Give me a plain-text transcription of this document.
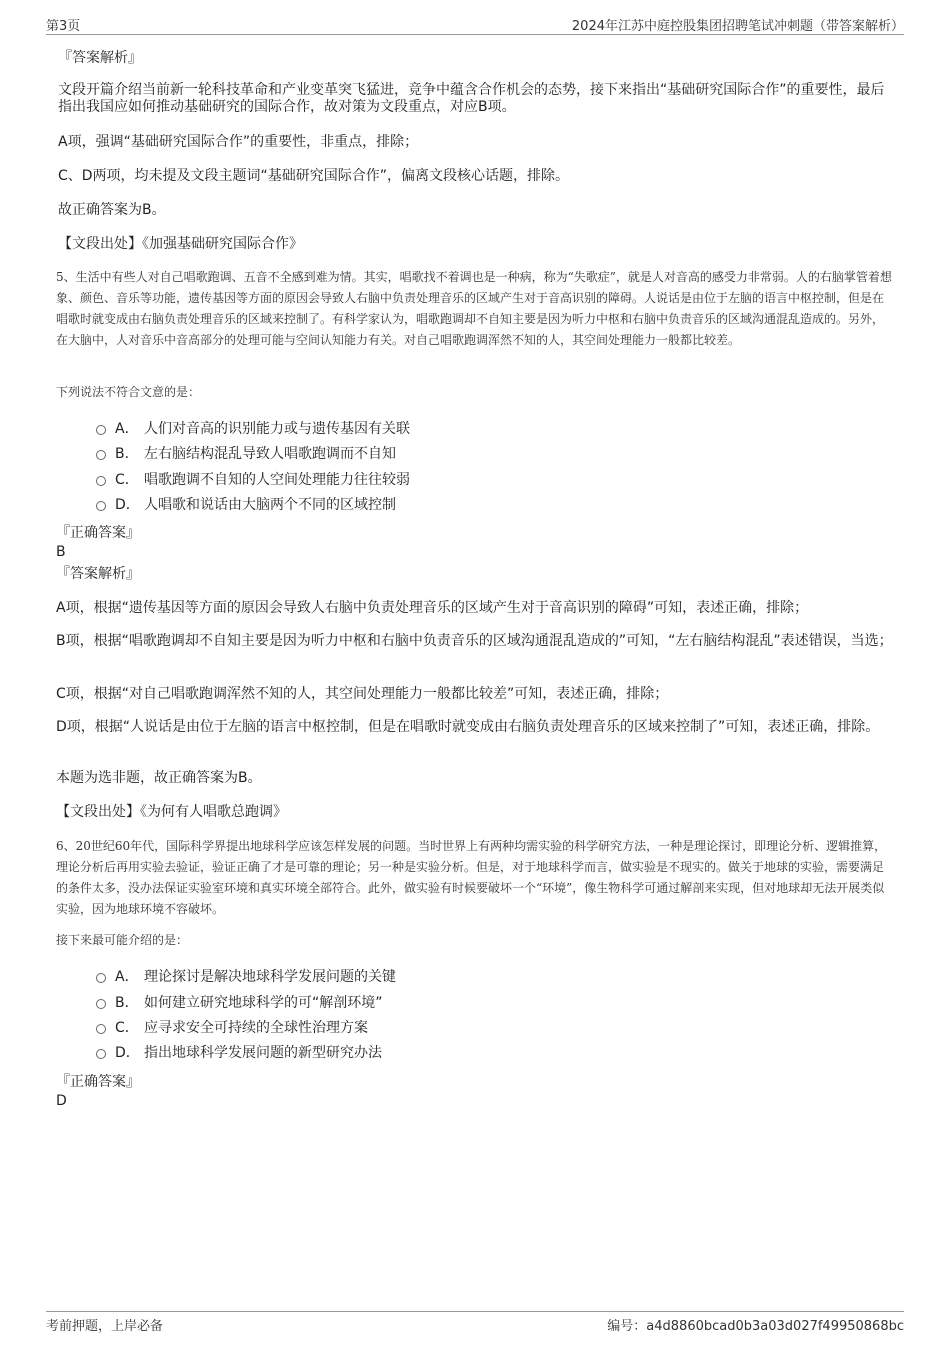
第3页	2024年江苏中庭控股集团招聘笔试冲刺题（带答案解析）
『答案解析』
文段开篇介绍当前新一轮科技革命和产业变革突飞猛进，竞争中蕴含合作机会的态势，接下来指出“基础研究国际合作”的重要性，最后指出我国应如何推动基础研究的国际合作，故对策为文段重点，对应B项。
A项，强调“基础研究国际合作”的重要性，非重点，排除；
C、D两项，均未提及文段主题词“基础研究国际合作”，偏离文段核心话题，排除。
故正确答案为B。
【文段出处】《加强基础研究国际合作》
5、生活中有些人对自己唱歌跑调、五音不全感到难为情。其实，唱歌找不着调也是一种病，称为“失歌症”，就是人对音高的感受力非常弱。人的右脑掌管着想象、颜色、音乐等功能，遗传基因等方面的原因会导致人右脑中负责处理音乐的区域产生对于音高识别的障碍。人说话是由位于左脑的语言中枢控制，但是在唱歌时就变成由右脑负责处理音乐的区域来控制了。有科学家认为，唱歌跑调却不自知主要是因为听力中枢和右脑中负责音乐的区域沟通混乱造成的。另外，在大脑中，人对音乐中音高部分的处理可能与空间认知能力有关。对自己唱歌跑调浑然不知的人，其空间处理能力一般都比较差。
下列说法不符合文意的是：
A． 人们对音高的识别能力或与遗传基因有关联
B． 左右脑结构混乱导致人唱歌跑调而不自知
C． 唱歌跑调不自知的人空间处理能力往往较弱
D． 人唱歌和说话由大脑两个不同的区域控制
『正确答案』
B
『答案解析』
A项，根据“遗传基因等方面的原因会导致人右脑中负责处理音乐的区域产生对于音高识别的障碍”可知，表述正确，排除；
B项，根据“唱歌跑调却不自知主要是因为听力中枢和右脑中负责音乐的区域沟通混乱造成的”可知，“左右脑结构混乱”表述错误，当选；
C项，根据“对自己唱歌跑调浑然不知的人，其空间处理能力一般都比较差”可知，表述正确，排除；
D项，根据“人说话是由位于左脑的语言中枢控制，但是在唱歌时就变成由右脑负责处理音乐的区域来控制了”可知，表述正确，排除。
本题为选非题，故正确答案为B。
【文段出处】《为何有人唱歌总跑调》
6、20世纪60年代，国际科学界提出地球科学应该怎样发展的问题。当时世界上有两种均需实验的科学研究方法，一种是理论探讨，即理论分析、逻辑推算，理论分析后再用实验去验证，验证正确了才是可靠的理论；另一种是实验分析。但是，对于地球科学而言，做实验是不现实的。做关于地球的实验，需要满足的条件太多，没办法保证实验室环境和真实环境全部符合。此外，做实验有时候要破坏一个“环境”，像生物科学可通过解剖来实现，但对地球却无法开展类似实验，因为地球环境不容破坏。
接下来最可能介绍的是：
A． 理论探讨是解决地球科学发展问题的关键
B． 如何建立研究地球科学的可“解剖环境”
C． 应寻求安全可持续的全球性治理方案
D． 指出地球科学发展问题的新型研究办法
『正确答案』
D
考前押题，上岸必备	编号：a4d8860bcad0b3a03d027f49950868bc
